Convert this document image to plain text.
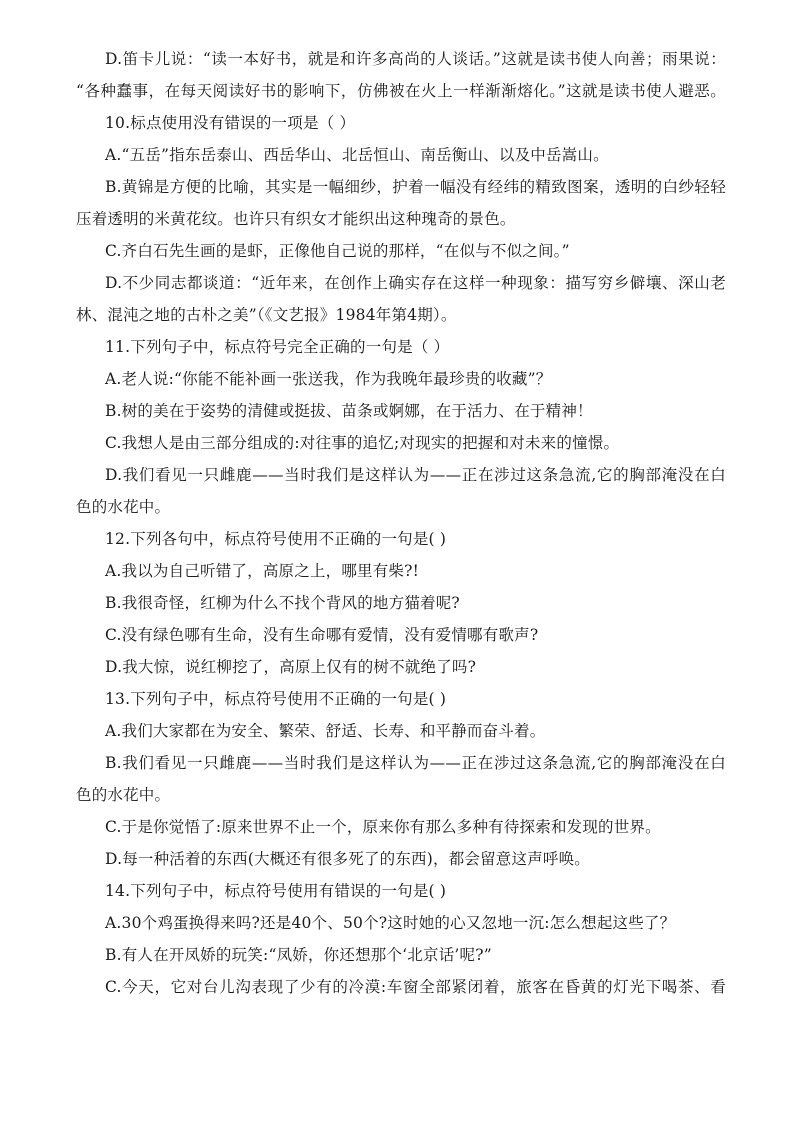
D.笛卡儿说：“读一本好书，就是和许多高尚的人谈话。”这就是读书使人向善；雨果说：
“各种蠢事，在每天阅读好书的影响下，仿佛被在火上一样渐渐熔化。”这就是读书使人避恶。
10.标点使用没有错误的一项是（ ）
A.“五岳”指东岳泰山、西岳华山、北岳恒山、南岳衡山、以及中岳嵩山。
B.黄锦是方便的比喻，其实是一幅细纱，护着一幅没有经纬的精致图案，透明的白纱轻轻
压着透明的米黄花纹。也许只有织女才能织出这种瑰奇的景色。
C.齐白石先生画的是虾，正像他自己说的那样，“在似与不似之间。”
D.不少同志都谈道：“近年来，在创作上确实存在这样一种现象：描写穷乡僻壤、深山老
林、混沌之地的古朴之美”（《文艺报》1984年第4期）。
11.下列句子中，标点符号完全正确的一句是（ ）
A.老人说:“你能不能补画一张送我，作为我晚年最珍贵的收藏”？
B.树的美在于姿势的清健或挺拔、苗条或婀娜，在于活力、在于精神！
C.我想人是由三部分组成的:对往事的追忆;对现实的把握和对未来的憧憬。
D.我们看见一只雌鹿——当时我们是这样认为——正在涉过这条急流,它的胸部淹没在白
色的水花中。
12.下列各句中，标点符号使用不正确的一句是( )
A.我以为自己听错了，高原之上，哪里有柴?!
B.我很奇怪，红柳为什么不找个背风的地方猫着呢?
C.没有绿色哪有生命，没有生命哪有爱情，没有爱情哪有歌声?
D.我大惊，说红柳挖了，高原上仅有的树不就绝了吗?
13.下列句子中，标点符号使用不正确的一句是( )
A.我们大家都在为安全、繁荣、舒适、长寿、和平静而奋斗着。
B.我们看见一只雌鹿——当时我们是这样认为——正在涉过这条急流,它的胸部淹没在白
色的水花中。
C.于是你觉悟了:原来世界不止一个，原来你有那么多种有待探索和发现的世界。
D.每一种活着的东西(大概还有很多死了的东西)，都会留意这声呼唤。
14.下列句子中，标点符号使用有错误的一句是( )
A.30个鸡蛋换得来吗?还是40个、50个?这时她的心又忽地一沉:怎么想起这些了？
B.有人在开凤娇的玩笑:“凤娇，你还想那个‘北京话’呢?”
C.今天，它对台儿沟表现了少有的冷漠:车窗全部紧闭着，旅客在昏黄的灯光下喝茶、看
